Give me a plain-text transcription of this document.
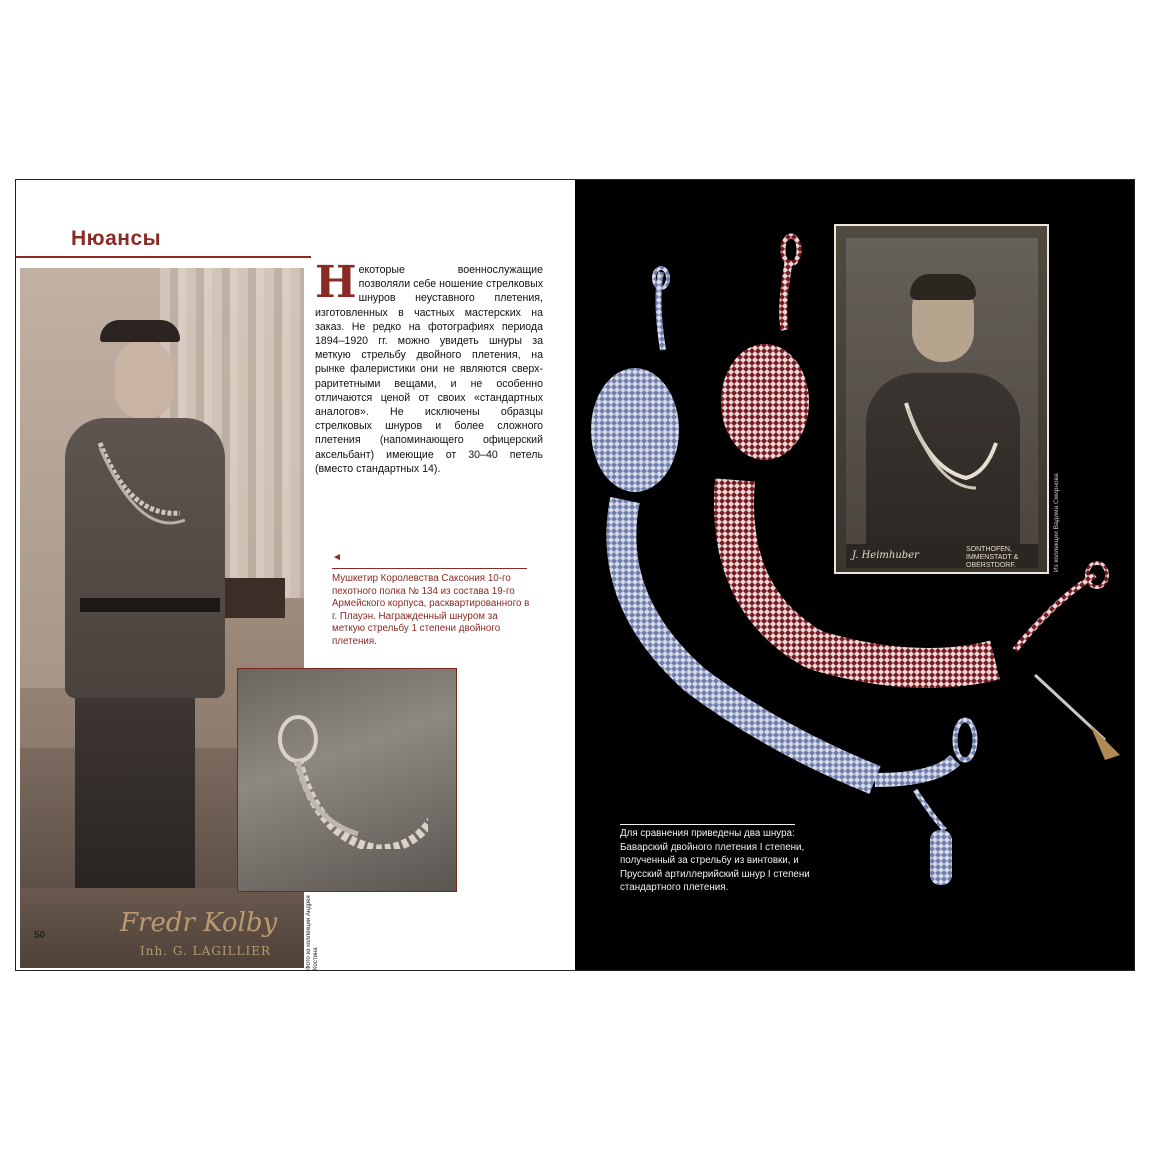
Нюансы
Fredr Kolby
Inh. G. LAGILLIER
50	Фото из коллекции Андрея Костина
Некоторые военнослужащие позволяли себе ношение стрелковых шнуров неуставного плетения, изготовленных в частных мастерских на заказ. Не редко на фотографиях периода 1894–1920 гг. можно увидеть шнуры за меткую стрельбу двойного плетения, на рынке фалеристики они не являются сверх-раритетными вещами, и не особенно отличаются ценой от своих «стандартных аналогов». Не исключены образцы стрелковых шнуров и более сложного плетения (напоминающего офицерский аксельбант) имеющие от 30–40 петель (вместо стандартных 14).
◄
Мушкетир Королевства Саксония 10-го пехотного полка № 134 из состава 19-го Армейского корпуса, расквартированного в г. Плауэн. Награжденный шнуром за меткую стрельбу 1 степени двойного плетения.
J. Heimhuber
SONTHOFEN, IMMENSTADT & OBERSTDORF.	Из коллекции Вадима Смирнова
Для сравнения приведены два шнура: Баварский двойного плетения I степени, полученный за стрельбу из винтовки, и Прусский артиллерийский шнур I степени стандартного плетения.
